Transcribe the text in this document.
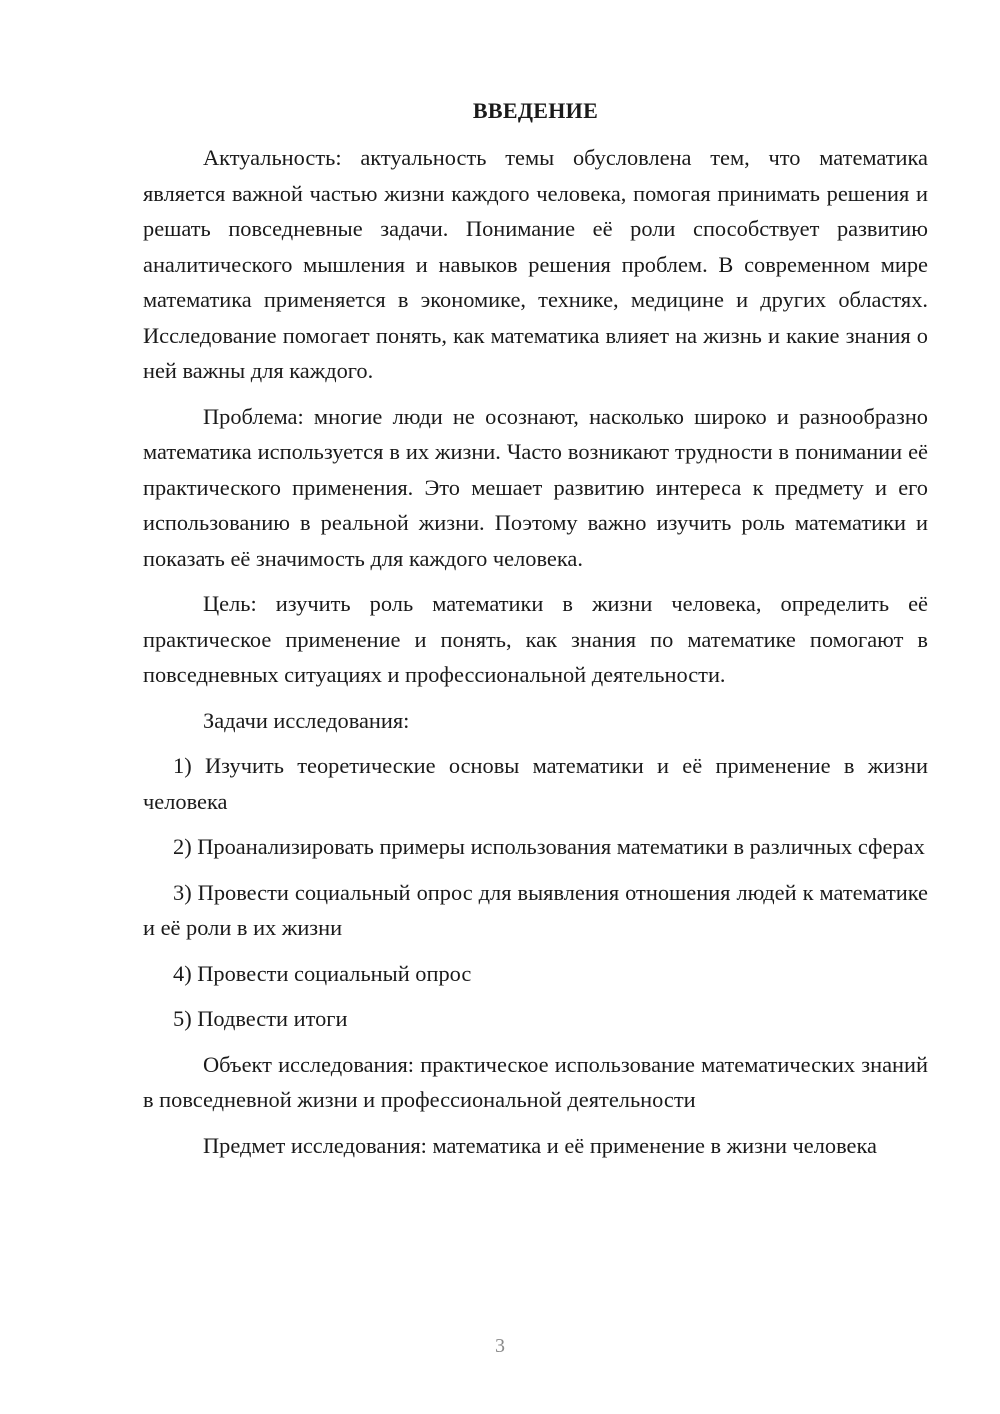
ВВЕДЕНИЕ

Актуальность: актуальность темы обусловлена тем, что математика является важной частью жизни каждого человека, помогая принимать решения и решать повседневные задачи. Понимание её роли способствует развитию аналитического мышления и навыков решения проблем. В современном мире математика применяется в экономике, технике, медицине и других областях. Исследование помогает понять, как математика влияет на жизнь и какие знания о ней важны для каждого.

Проблема: многие люди не осознают, насколько широко и разнообразно математика используется в их жизни. Часто возникают трудности в понимании её практического применения. Это мешает развитию интереса к предмету и его использованию в реальной жизни. Поэтому важно изучить роль математики и показать её значимость для каждого человека.

Цель: изучить роль математики в жизни человека, определить её практическое применение и понять, как знания по математике помогают в повседневных ситуациях и профессиональной деятельности.

Задачи исследования:

1) Изучить теоретические основы математики и её применение в жизни человека

2) Проанализировать примеры использования математики в различных сферах

3) Провести социальный опрос для выявления отношения людей к математике и её роли в их жизни

4) Провести социальный опрос

5) Подвести итоги

Объект исследования: практическое использование математических знаний в повседневной жизни и профессиональной деятельности

Предмет исследования: математика и её применение в жизни человека

3
